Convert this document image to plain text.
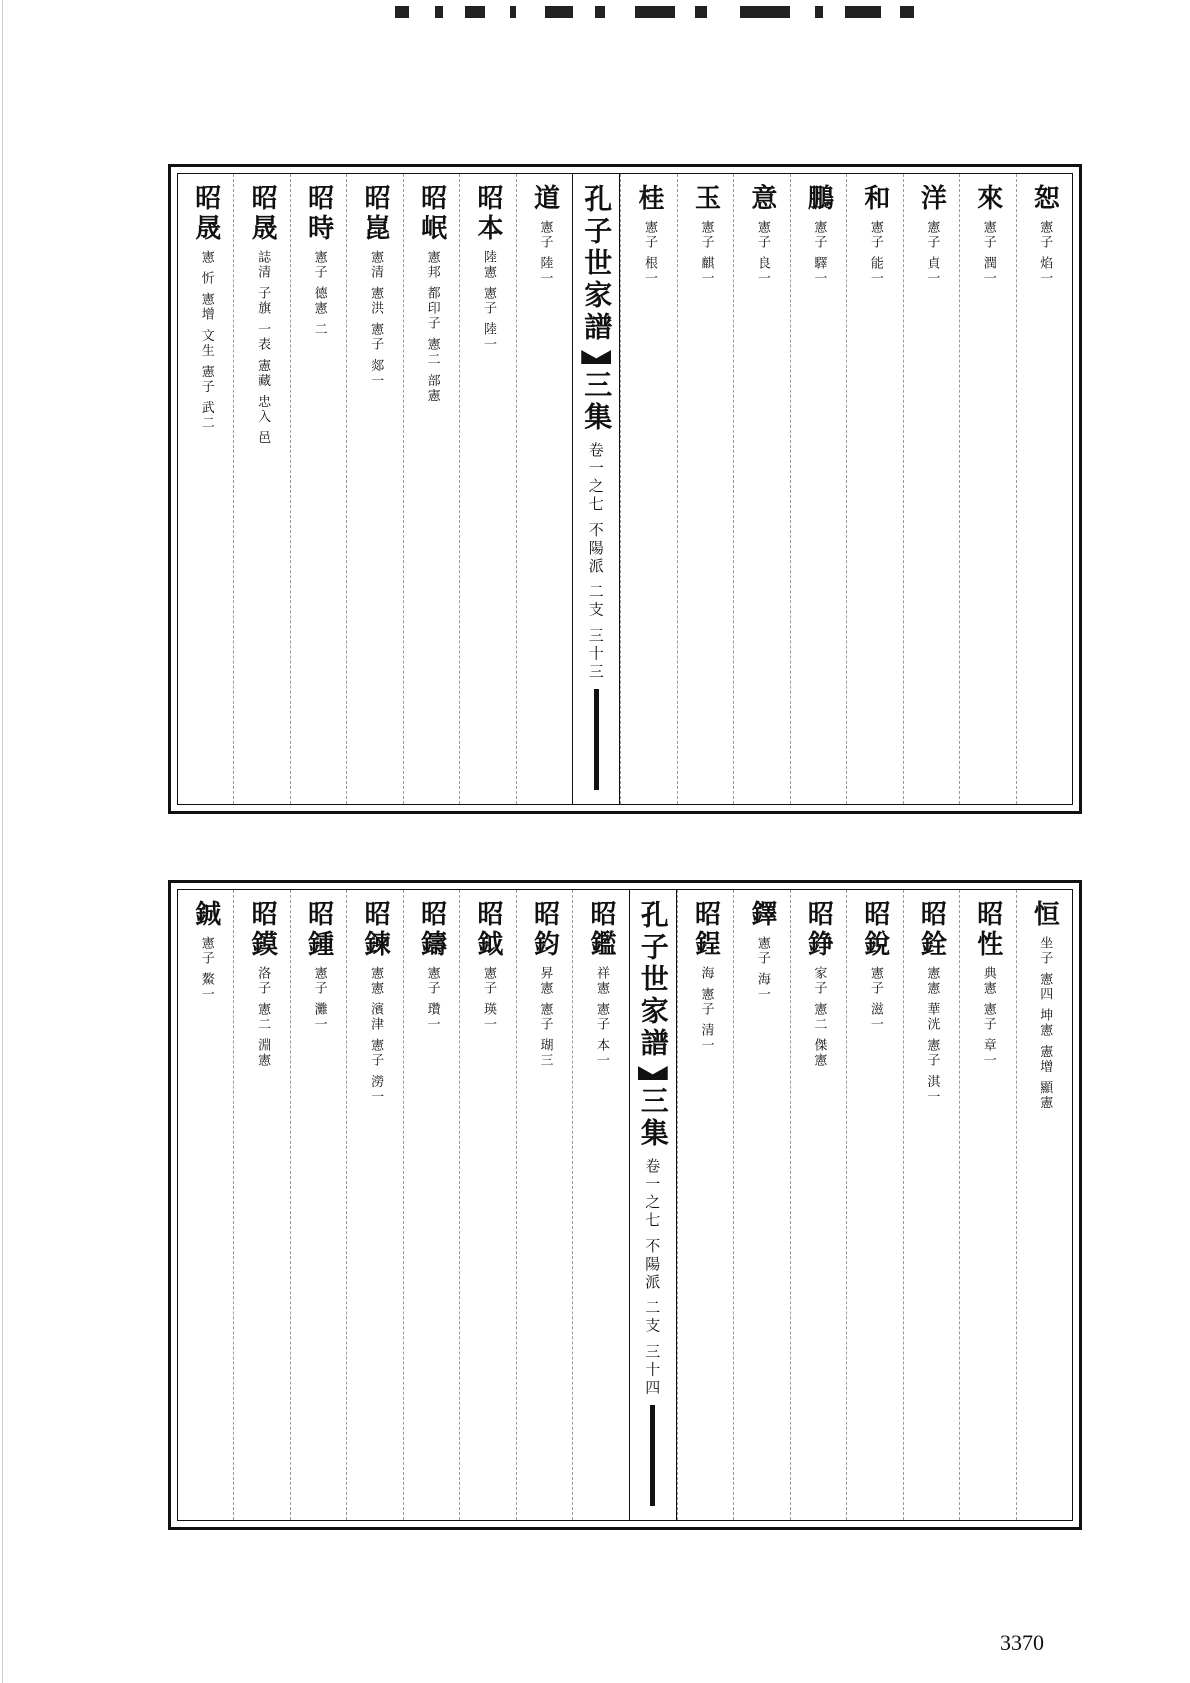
恕
憲子 焰一
來
憲子 潤一
洋
憲子 貞一
和
憲子 能一
鵬
憲子 驛一
意
憲子 良一
玉
憲子 麒一
桂
憲子 根一
孔子世家譜
三集
卷一之七 不陽派 二支 三十三
道
憲子 陸一
昭本
陸憲 憲子 陸一
昭岷
憲邦 都印子 憲二 部憲
昭崑
憲清 憲洪 憲子 郯一
昭時
憲子 德憲 二
昭晟
誌清 子旗 一表 憲藏 忠入 邑
昭晟
憲 忻 憲增 文生 憲子 武二
恒
坐子 憲四 坤憲 憲增 顯憲
昭性
典憲 憲子 章一
昭銓
憲憲 華洸 憲子 淇一
昭銳
憲子 滋一
昭錚
家子 憲二 傑憲
鐸
憲子 海一
昭鋥
海 憲子 清一
孔子世家譜
三集
卷一之七 不陽派 二支 三十四
昭鑑
祥憲 憲子 本一
昭鈞
昇憲 憲子 瑚三
昭鉞
憲子 瑛一
昭鑄
憲子 瓚一
昭鍊
憲憲 濱津 憲子 澇一
昭鍾
憲子 灘一
昭鏌
洛子 憲二 淵憲
鋮
憲子 鰲一
3370
